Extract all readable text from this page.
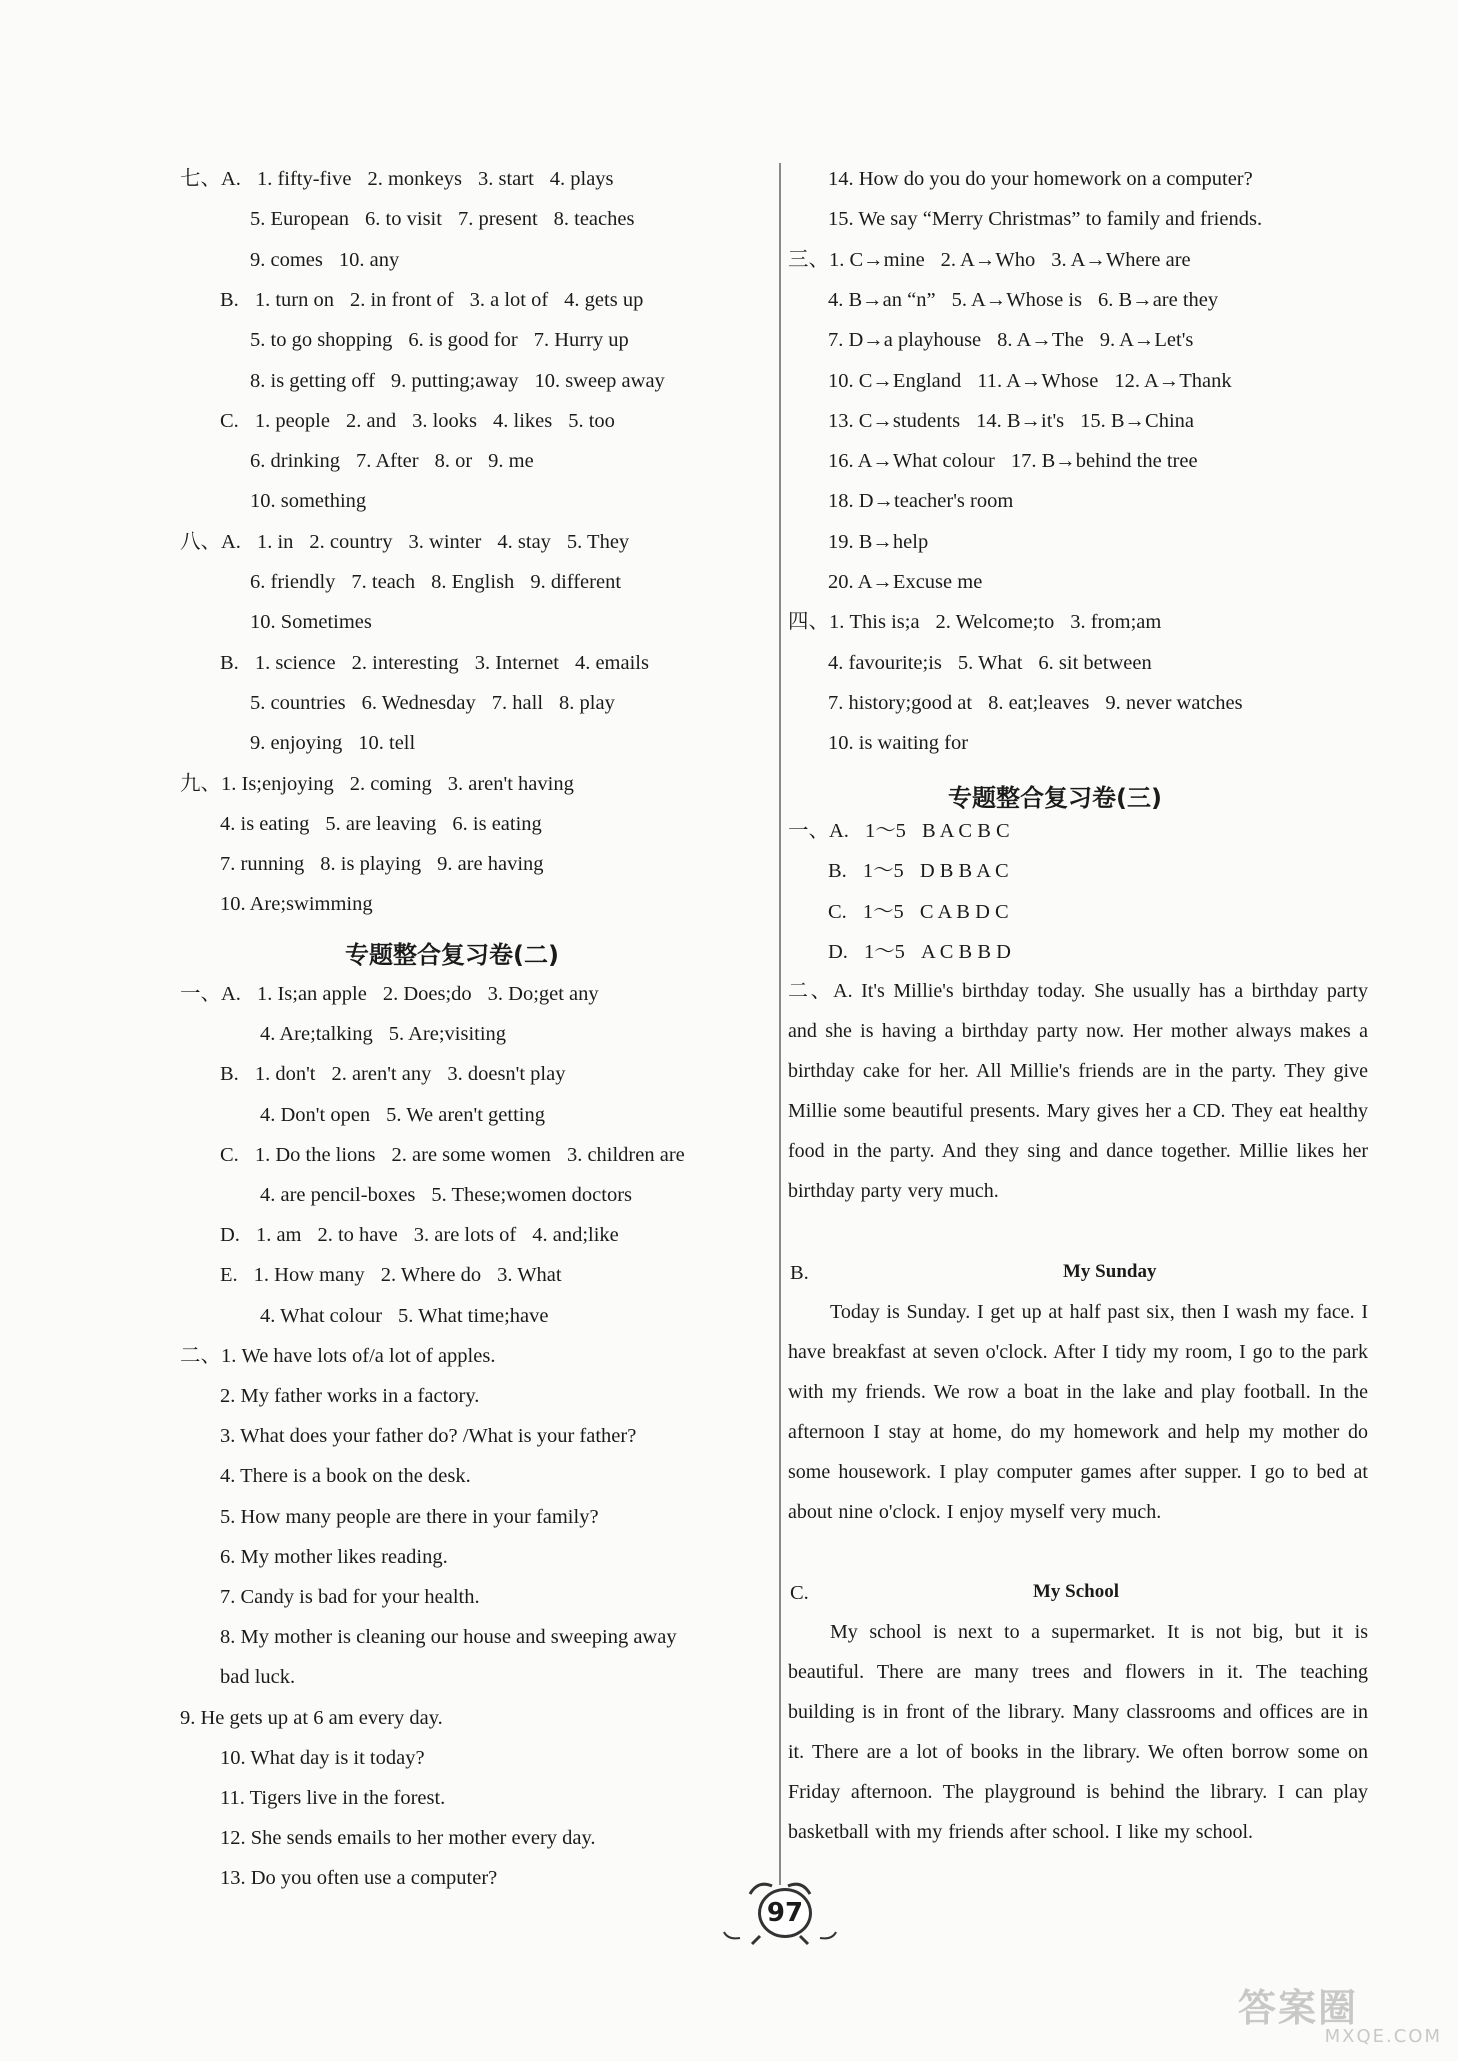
七、A. 1. fifty-five 2. monkeys 3. start 4. plays
5. European 6. to visit 7. present 8. teaches
9. comes 10. any
B. 1. turn on 2. in front of 3. a lot of 4. gets up
5. to go shopping 6. is good for 7. Hurry up
8. is getting off 9. putting;away 10. sweep away
C. 1. people 2. and 3. looks 4. likes 5. too
6. drinking 7. After 8. or 9. me
10. something
八、A. 1. in 2. country 3. winter 4. stay 5. They
6. friendly 7. teach 8. English 9. different
10. Sometimes
B. 1. science 2. interesting 3. Internet 4. emails
5. countries 6. Wednesday 7. hall 8. play
9. enjoying 10. tell
九、1. Is;enjoying 2. coming 3. aren't having
4. is eating 5. are leaving 6. is eating
7. running 8. is playing 9. are having
10. Are;swimming
专题整合复习卷(二)
一、A. 1. Is;an apple 2. Does;do 3. Do;get any
4. Are;talking 5. Are;visiting
B. 1. don't 2. aren't any 3. doesn't play
4. Don't open 5. We aren't getting
C. 1. Do the lions 2. are some women 3. children are
4. are pencil-boxes 5. These;women doctors
D. 1. am 2. to have 3. are lots of 4. and;like
E. 1. How many 2. Where do 3. What
4. What colour 5. What time;have
二、1. We have lots of/a lot of apples.
2. My father works in a factory.
3. What does your father do? /What is your father?
4. There is a book on the desk.
5. How many people are there in your family?
6. My mother likes reading.
7. Candy is bad for your health.
8. My mother is cleaning our house and sweeping away
bad luck.
9. He gets up at 6 am every day.
10. What day is it today?
11. Tigers live in the forest.
12. She sends emails to her mother every day.
13. Do you often use a computer?
14. How do you do your homework on a computer?
15. We say “Merry Christmas” to family and friends.
三、1. C→mine 2. A→Who 3. A→Where are
4. B→an “n” 5. A→Whose is 6. B→are they
7. D→a playhouse 8. A→The 9. A→Let's
10. C→England 11. A→Whose 12. A→Thank
13. C→students 14. B→it's 15. B→China
16. A→What colour 17. B→behind the tree
18. D→teacher's room
19. B→help
20. A→Excuse me
四、1. This is;a 2. Welcome;to 3. from;am
4. favourite;is 5. What 6. sit between
7. history;good at 8. eat;leaves 9. never watches
10. is waiting for
专题整合复习卷(三)
一、A. 1～5 B A C B C
B. 1～5 D B B A C
C. 1～5 C A B D C
D. 1～5 A C B B D
二、A. It's Millie's birthday today. She usually has a birthday party and she is having a birthday party now. Her mother always makes a birthday cake for her. All Millie's friends are in the party. They give Millie some beautiful presents. Mary gives her a CD. They eat healthy food in the party. And they sing and dance together. Millie likes her birthday party very much.
B.	My Sunday
Today is Sunday. I get up at half past six, then I wash my face. I have breakfast at seven o'clock. After I tidy my room, I go to the park with my friends. We row a boat in the lake and play football. In the afternoon I stay at home, do my homework and help my mother do some housework. I play computer games after supper. I go to bed at about nine o'clock. I enjoy myself very much.
C.	My School
My school is next to a supermarket. It is not big, but it is beautiful. There are many trees and flowers in it. The teaching building is in front of the library. Many classrooms and offices are in it. There are a lot of books in the library. We often borrow some on Friday afternoon. The playground is behind the library. I can play basketball with my friends after school. I like my school.
97
答案圈
MXQE.COM
